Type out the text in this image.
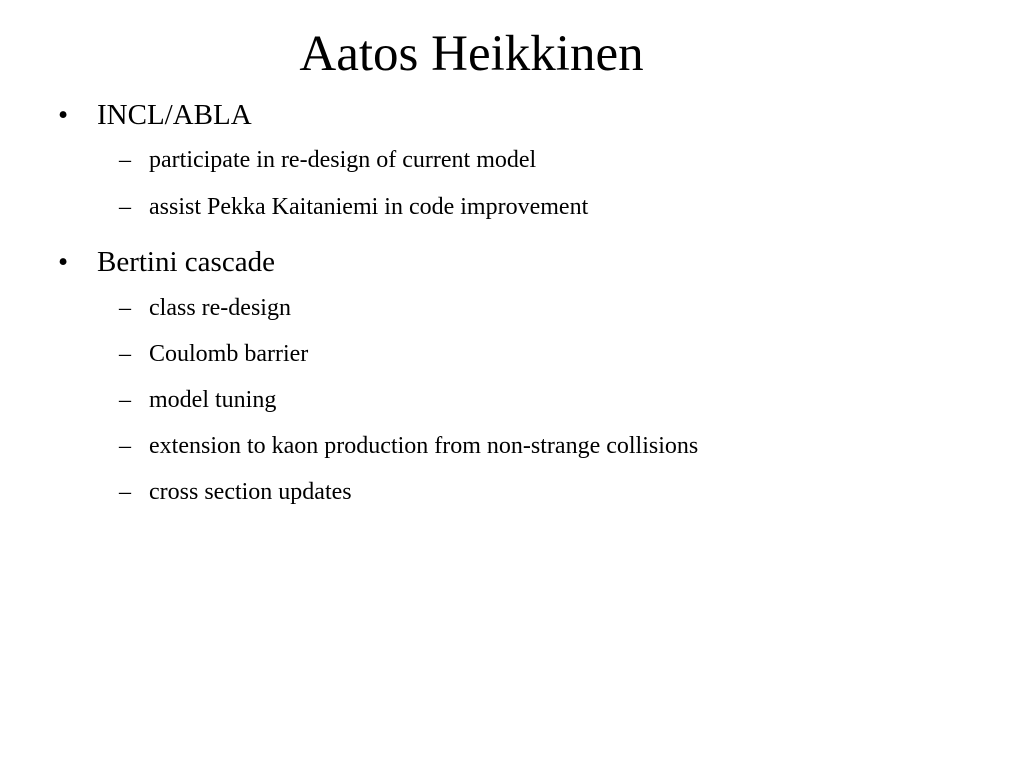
Aatos Heikkinen
• INCL/ABLA
– participate in re-design of current model
– assist Pekka Kaitaniemi in code improvement
• Bertini cascade
– class re-design
– Coulomb barrier
– model tuning
– extension to kaon production from non-strange collisions
– cross section updates
